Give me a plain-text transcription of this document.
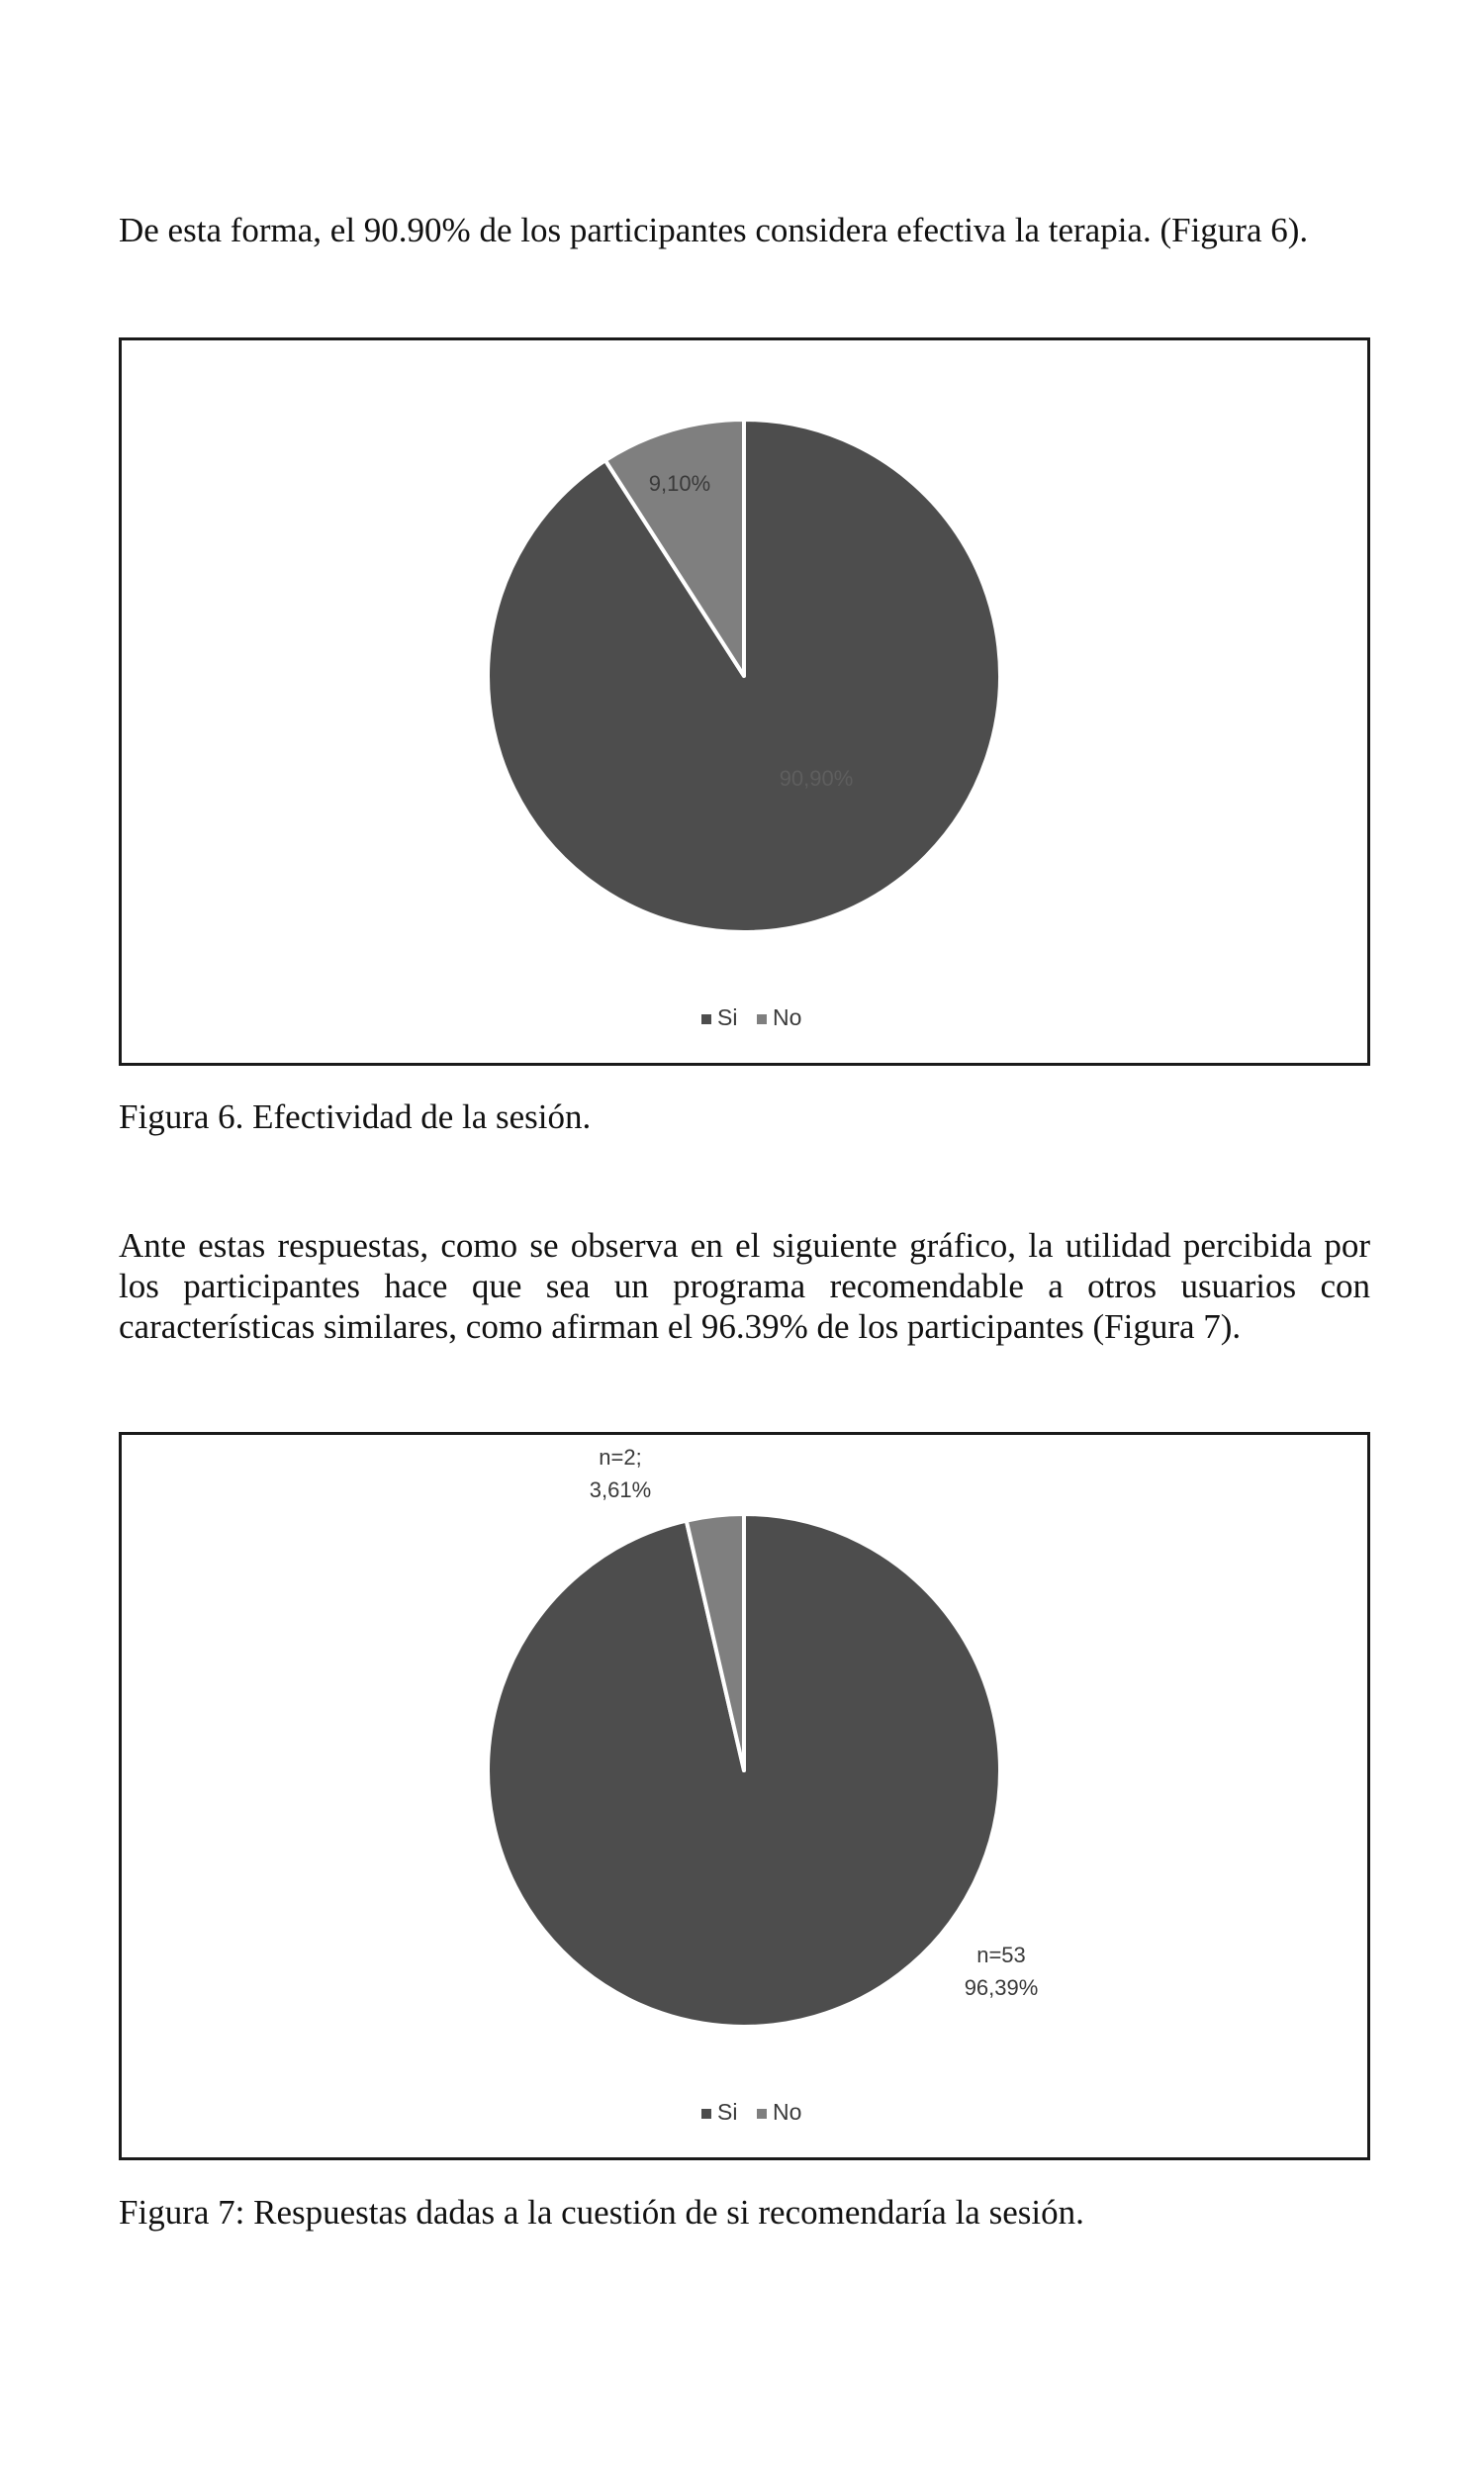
De esta forma, el 90.90% de los participantes considera efectiva la terapia. (Figura 6).

90,90%
9,10%
Si No

Figura 6. Efectividad de la sesión.

Ante estas respuestas, como se observa en el siguiente gráfico, la utilidad percibida por
los participantes hace que sea un programa recomendable a otros usuarios con
características similares, como afirman el 96.39% de los participantes (Figura 7).
n=53 96,39%
n=2; 3,61%
Si No

Figura 7: Respuestas dadas a la cuestión de si recomendaría la sesión.
